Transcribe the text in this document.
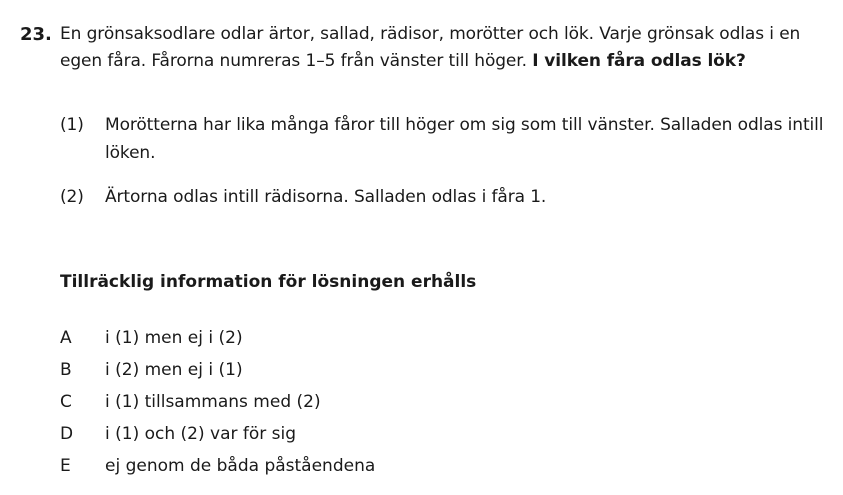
23. En grönsaksodlare odlar ärtor, sallad, rädisor, morötter och lök. Varje grönsak odlas i en egen fåra. Fårorna numreras 1–5 från vänster till höger. I vilken fåra odlas lök?
(1) Morötterna har lika många fåror till höger om sig som till vänster. Salladen odlas intill löken.
(2) Ärtorna odlas intill rädisorna. Salladen odlas i fåra 1.
Tillräcklig information för lösningen erhålls
A i (1) men ej i (2)
B i (2) men ej i (1)
C i (1) tillsammans med (2)
D i (1) och (2) var för sig
E ej genom de båda påståendena
